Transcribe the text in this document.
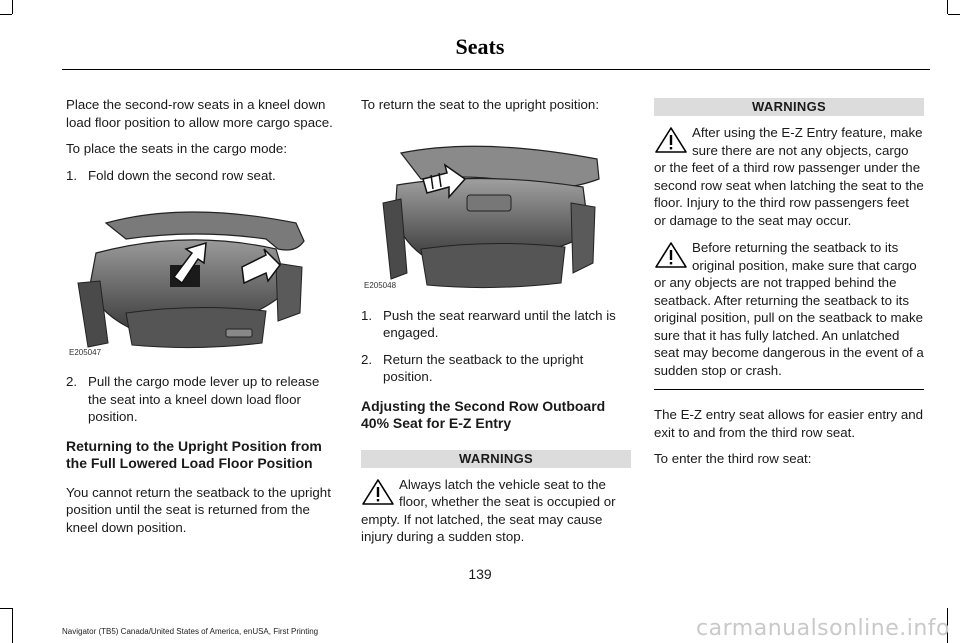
Seats

Place the second-row seats in a kneel down load floor position to allow more cargo space.

To place the seats in the cargo mode:

1. Fold down the second row seat.
E205047
2. Pull the cargo mode lever up to release the seat into a kneel down load floor position.
Returning to the Upright Position from the Full Lowered Load Floor Position

You cannot return the seatback to the upright position until the seat is returned from the kneel down position.

To return the seat to the upright position:

E205048
1. Push the seat rearward until the latch is engaged.
2. Return the seatback to the upright position.
Adjusting the Second Row Outboard 40% Seat for E-Z Entry
WARNINGS
Always latch the vehicle seat to the floor, whether the seat is occupied or empty. If not latched, the seat may cause injury during a sudden stop.
WARNINGS
After using the E-Z Entry feature, make sure there are not any objects, cargo or the feet of a third row passenger under the second row seat when latching the seat to the floor. Injury to the third row passengers feet or damage to the seat may occur.
Before returning the seatback to its original position, make sure that cargo or any objects are not trapped behind the seatback. After returning the seatback to its original position, pull on the seatback to make sure that it has fully latched. An unlatched seat may become dangerous in the event of a sudden stop or crash.

The E-Z entry seat allows for easier entry and exit to and from the third row seat.

To enter the third row seat:

139
Navigator (TB5) Canada/United States of America, enUSA, First Printing	carmanualsonline.info
